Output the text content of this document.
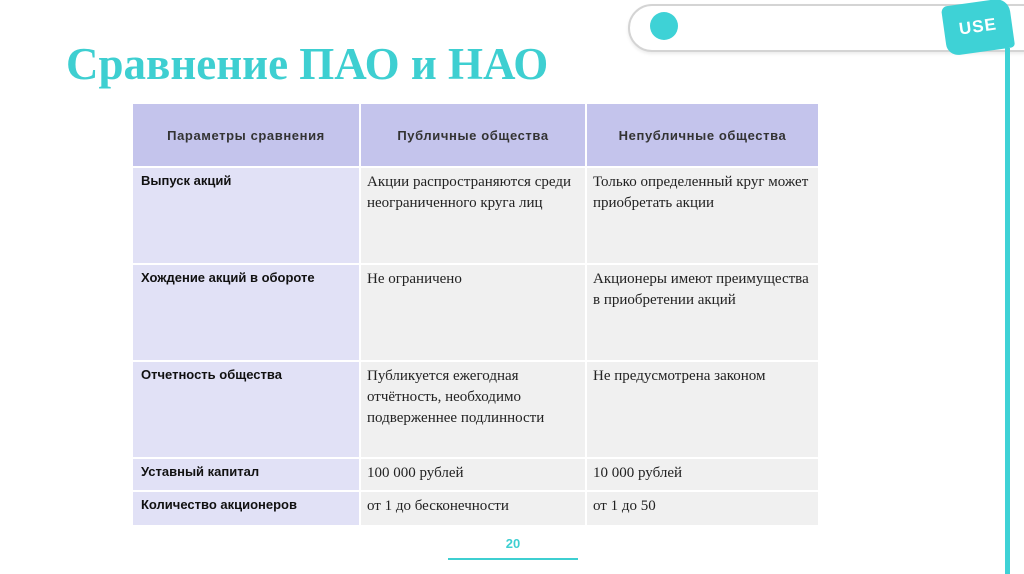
USE
Сравнение ПАО и НАО
Параметры сравнения	Публичные общества	Непубличные общества
Выпуск акций	Акции распространяются среди неограниченного круга лиц	Только определенный круг может приобретать акции
Хождение акций в обороте	Не ограничено	Акционеры имеют преимущества в приобретении акций
Отчетность общества	Публикуется ежегодная отчётность, необходимо подверженнее подлинности	Не предусмотрена законом
Уставный капитал	100 000 рублей	10 000 рублей
Количество акционеров	от 1 до бесконечности	от 1 до 50
20
